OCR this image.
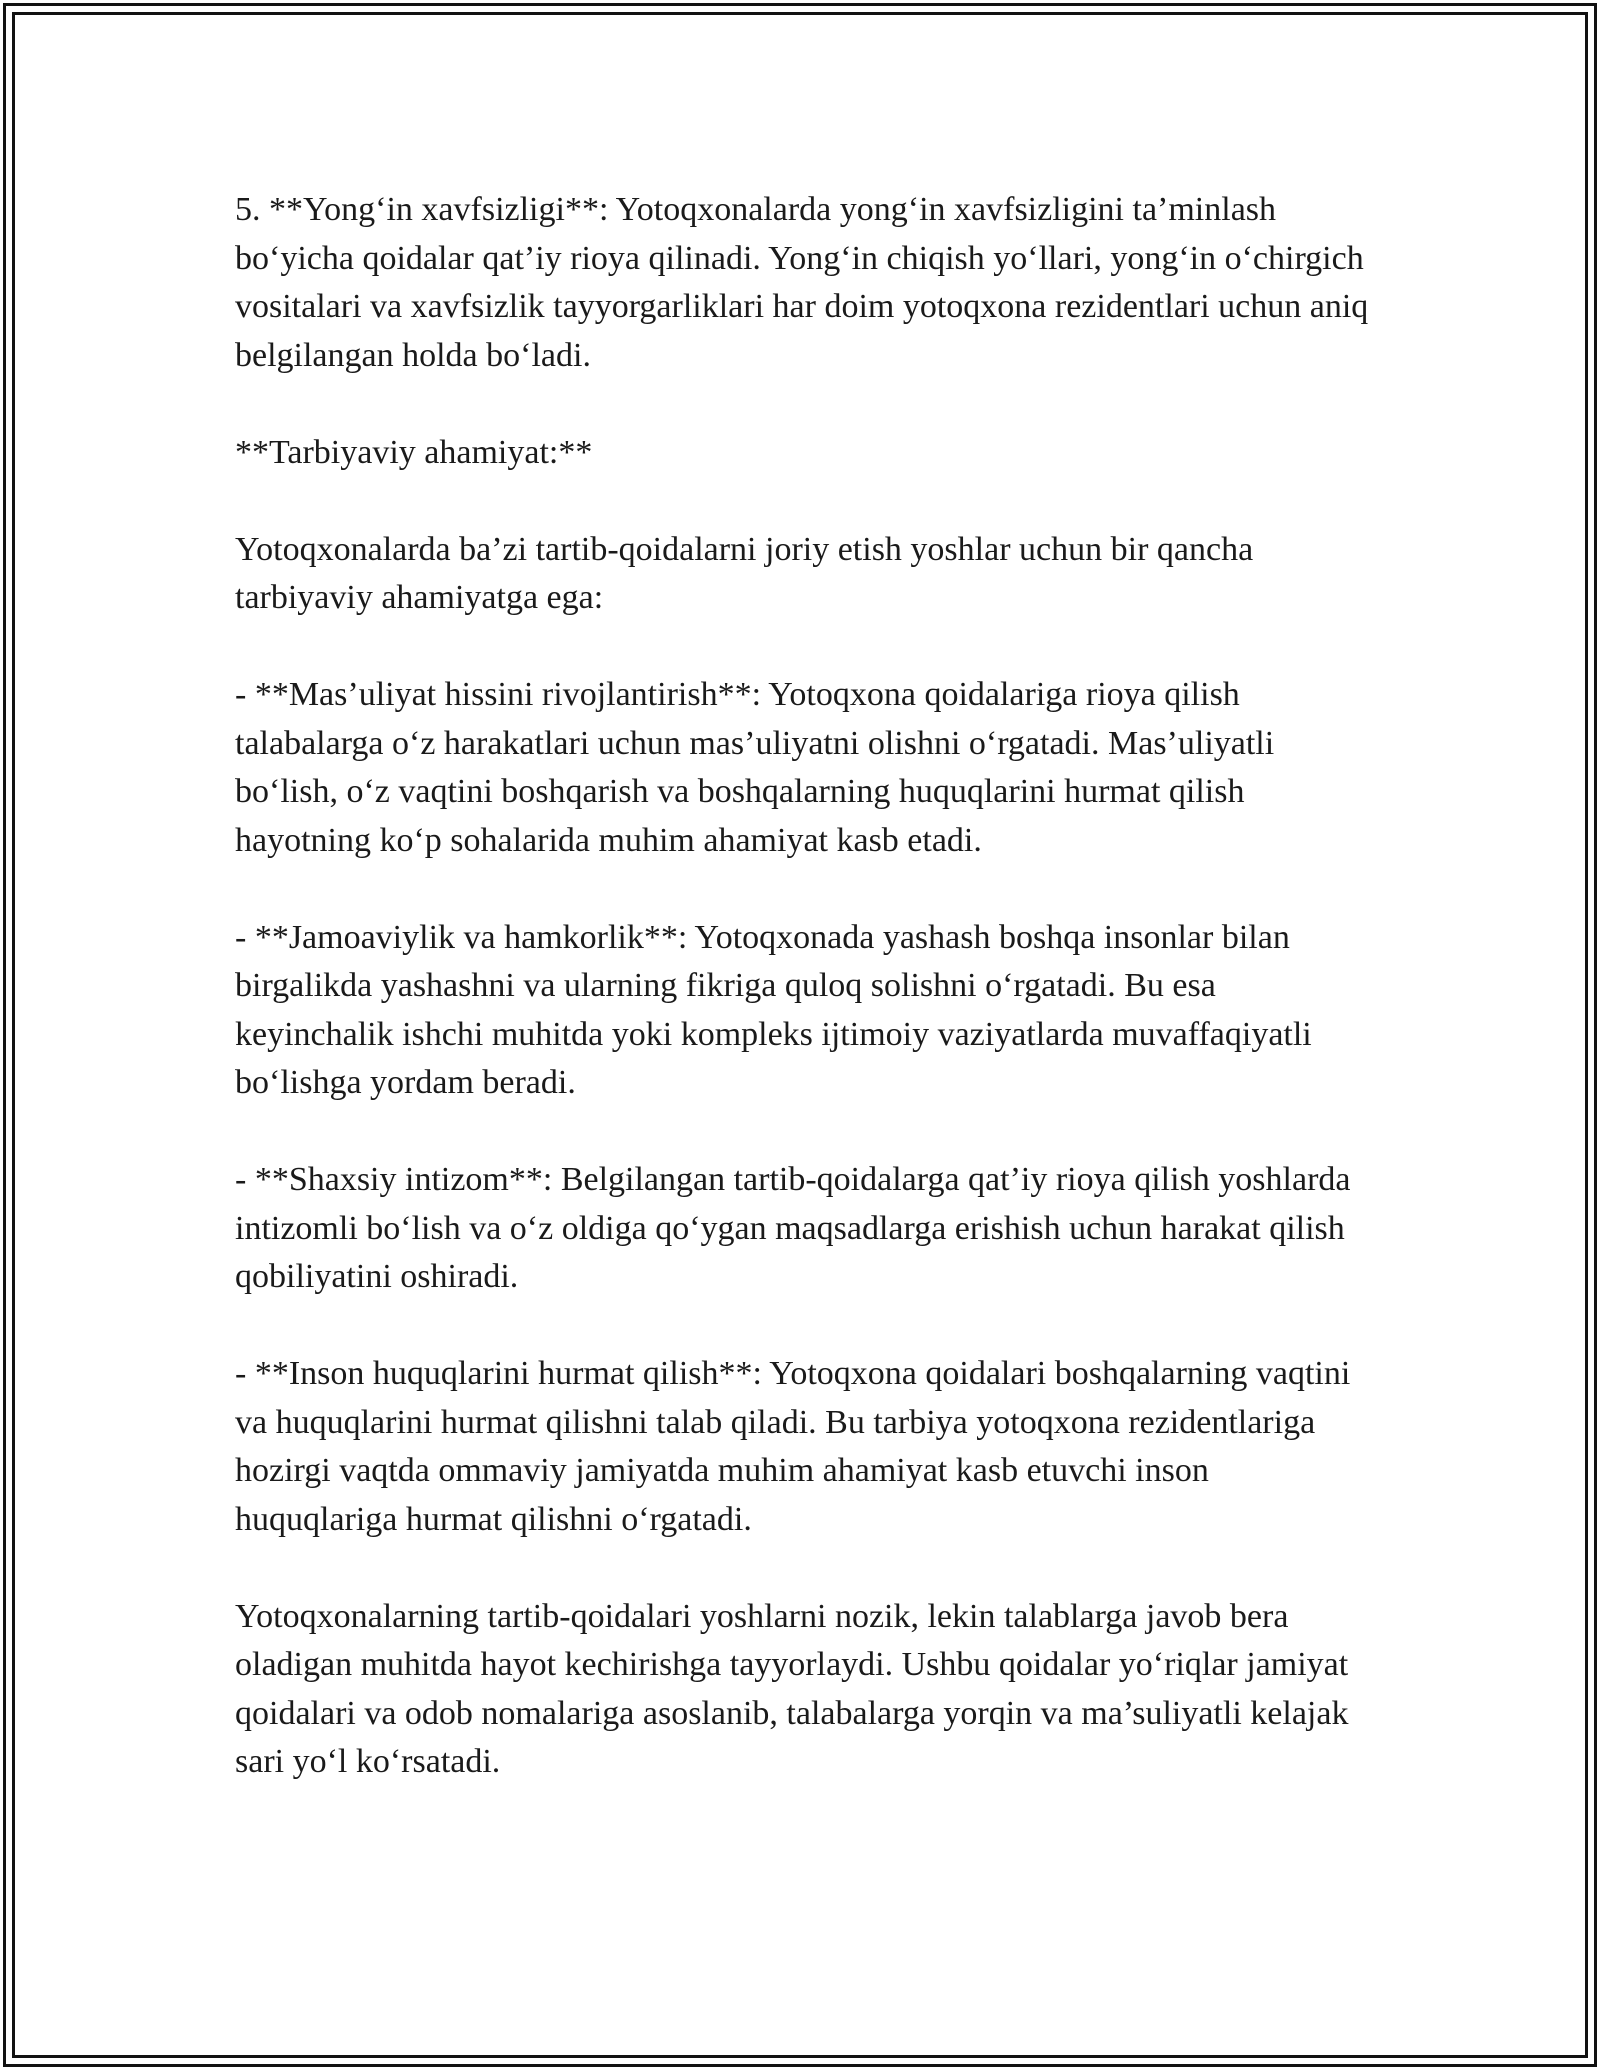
5. **Yong‘in xavfsizligi**: Yotoqxonalarda yong‘in xavfsizligini ta’minlash bo‘yicha qoidalar qat’iy rioya qilinadi. Yong‘in chiqish yo‘llari, yong‘in o‘chirgich vositalari va xavfsizlik tayyorgarliklari har doim yotoqxona rezidentlari uchun aniq belgilangan holda bo‘ladi.

**Tarbiyaviy ahamiyat:**

Yotoqxonalarda ba’zi tartib-qoidalarni joriy etish yoshlar uchun bir qancha tarbiyaviy ahamiyatga ega:

- **Mas’uliyat hissini rivojlantirish**: Yotoqxona qoidalariga rioya qilish talabalarga o‘z harakatlari uchun mas’uliyatni olishni o‘rgatadi. Mas’uliyatli bo‘lish, o‘z vaqtini boshqarish va boshqalarning huquqlarini hurmat qilish hayotning ko‘p sohalarida muhim ahamiyat kasb etadi.

- **Jamoaviylik va hamkorlik**: Yotoqxonada yashash boshqa insonlar bilan birgalikda yashashni va ularning fikriga quloq solishni o‘rgatadi. Bu esa keyinchalik ishchi muhitda yoki kompleks ijtimoiy vaziyatlarda muvaffaqiyatli bo‘lishga yordam beradi.

- **Shaxsiy intizom**: Belgilangan tartib-qoidalarga qat’iy rioya qilish yoshlarda intizomli bo‘lish va o‘z oldiga qo‘ygan maqsadlarga erishish uchun harakat qilish qobiliyatini oshiradi.

- **Inson huquqlarini hurmat qilish**: Yotoqxona qoidalari boshqalarning vaqtini va huquqlarini hurmat qilishni talab qiladi. Bu tarbiya yotoqxona rezidentlariga hozirgi vaqtda ommaviy jamiyatda muhim ahamiyat kasb etuvchi inson huquqlariga hurmat qilishni o‘rgatadi.

Yotoqxonalarning tartib-qoidalari yoshlarni nozik, lekin talablarga javob bera oladigan muhitda hayot kechirishga tayyorlaydi. Ushbu qoidalar yo‘riqlar jamiyat qoidalari va odob nomalariga asoslanib, talabalarga yorqin va ma’suliyatli kelajak sari yo‘l ko‘rsatadi.
